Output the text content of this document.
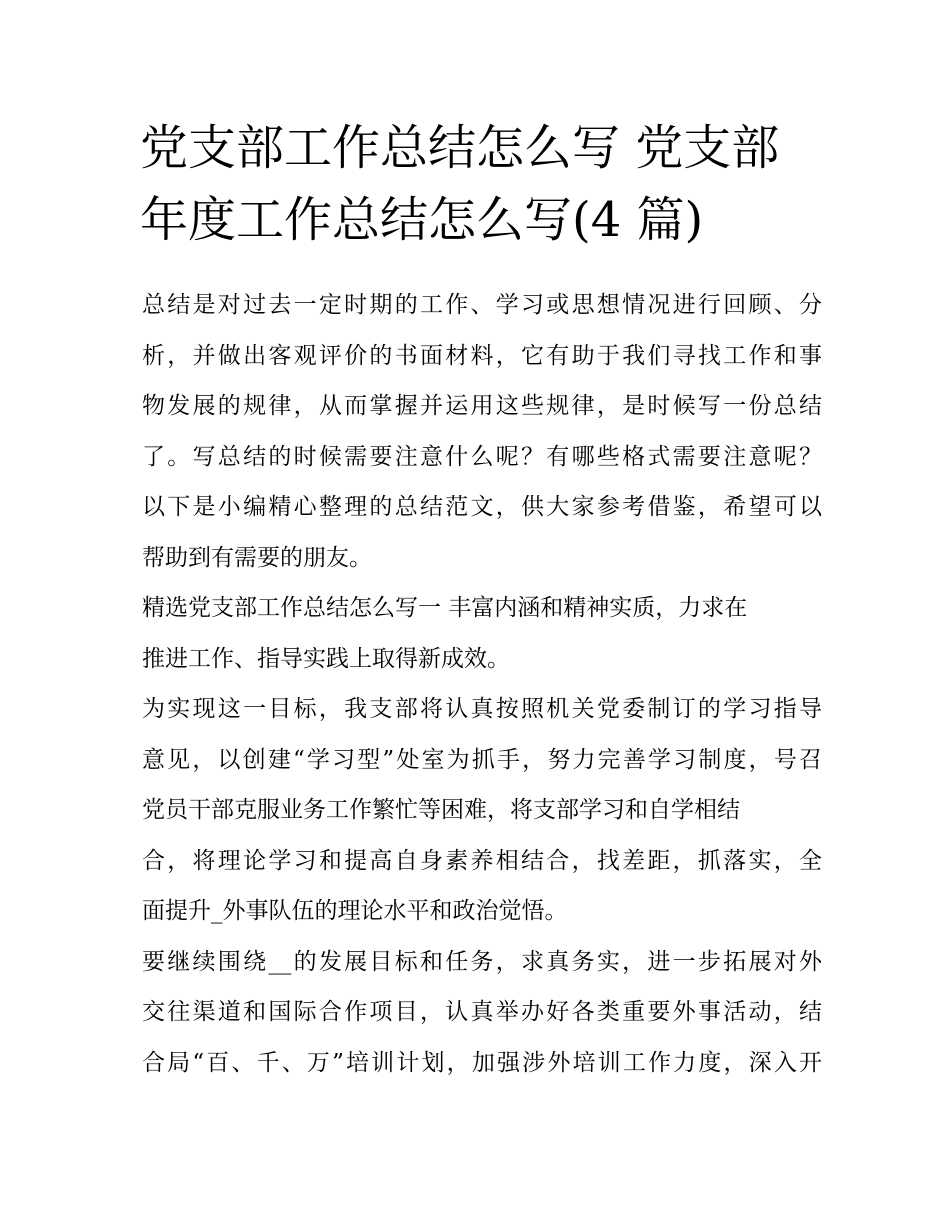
党支部工作总结怎么写 党支部
年度工作总结怎么写(4 篇)
总结是对过去一定时期的工作、学习或思想情况进行回顾、分
析，并做出客观评价的书面材料，它有助于我们寻找工作和事
物发展的规律，从而掌握并运用这些规律，是时候写一份总结
了。写总结的时候需要注意什么呢？有哪些格式需要注意呢？
以下是小编精心整理的总结范文，供大家参考借鉴，希望可以
帮助到有需要的朋友。
精选党支部工作总结怎么写一 丰富内涵和精神实质，力求在
推进工作、指导实践上取得新成效。
为实现这一目标，我支部将认真按照机关党委制订的学习指导
意见，以创建“学习型”处室为抓手，努力完善学习制度，号召
党员干部克服业务工作繁忙等困难，将支部学习和自学相结
合，将理论学习和提高自身素养相结合，找差距，抓落实，全
面提升_外事队伍的理论水平和政治觉悟。
要继续围绕__的发展目标和任务，求真务实，进一步拓展对外
交往渠道和国际合作项目，认真举办好各类重要外事活动，结
合局“百、千、万”培训计划，加强涉外培训工作力度，深入开
